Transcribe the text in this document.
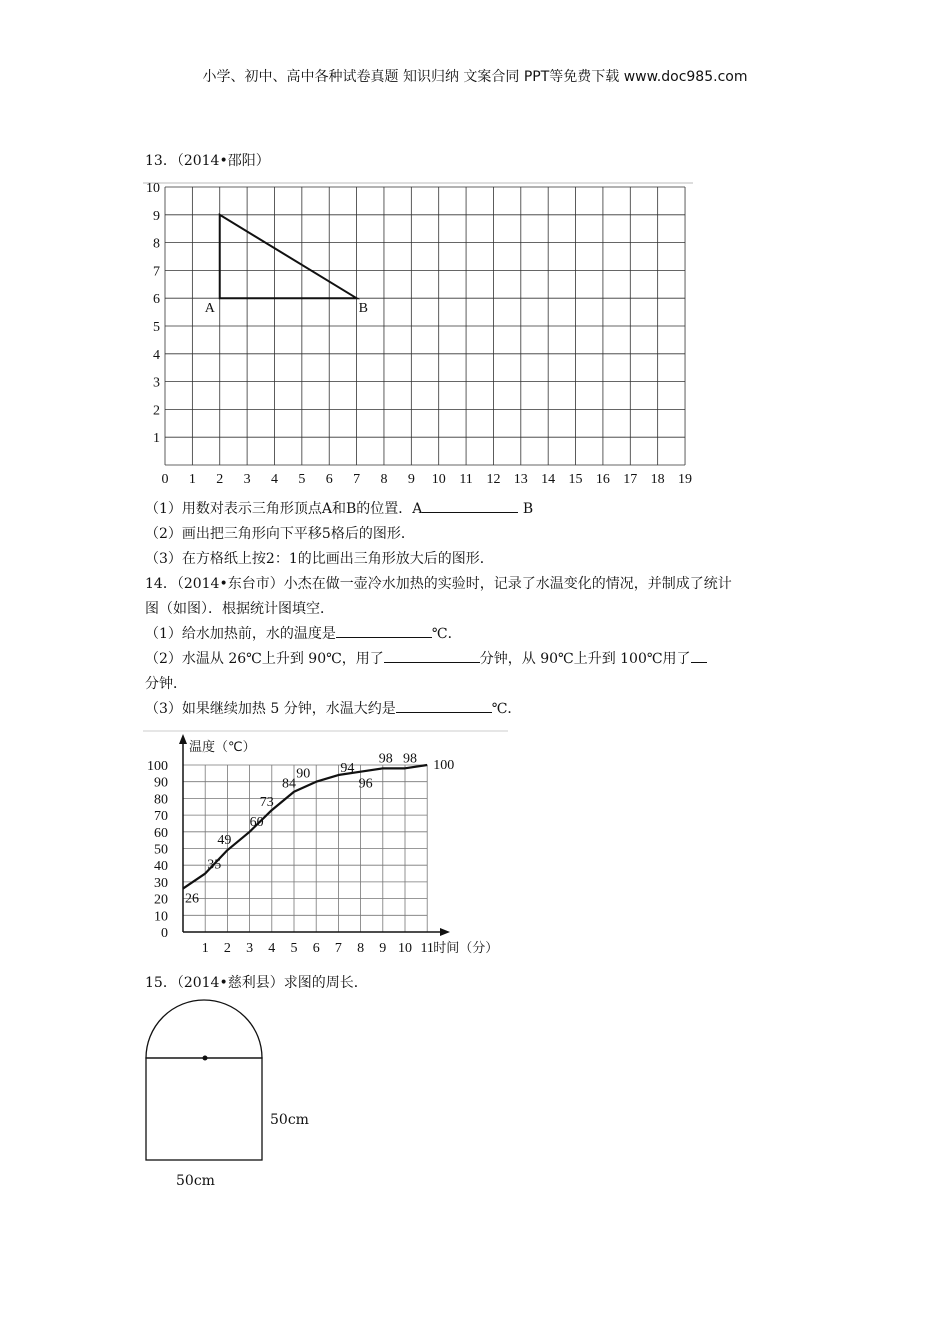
小学、初中、高中各种试卷真题 知识归纳 文案合同 PPT等免费下载 www.doc985.com
13．（2014•邵阳）
0 1 2 3 4 5 6 7 8 9 10 11 12 13 14 15 16 17 18 19
1
2
3
4
5
6
7
8
9
10
A	B
（1）用数对表示三角形顶点A和B的位置．A	B
（2）画出把三角形向下平移5格后的图形．
（3）在方格纸上按2：1的比画出三角形放大后的图形．
14．（2014•东台市）小杰在做一壶冷水加热的实验时，记录了水温变化的情况，并制成了统计
图（如图）．根据统计图填空．
（1）给水加热前，水的温度是	℃．
（2）水温从 26℃上升到 90℃，用了	分钟，从 90℃上升到 100℃用了
分钟．
（3）如果继续加热 5 分钟，水温大约是	℃．
1 2 3 4 5 6 7 8 9 10 11
0
10
20
30
40
50
60
70
80
90
100
时间（分）
温度（℃）
26
35
49
60
73
84
90 94
96
98 98 100
15．（2014•慈利县）求图的周长．
50cm
50cm
